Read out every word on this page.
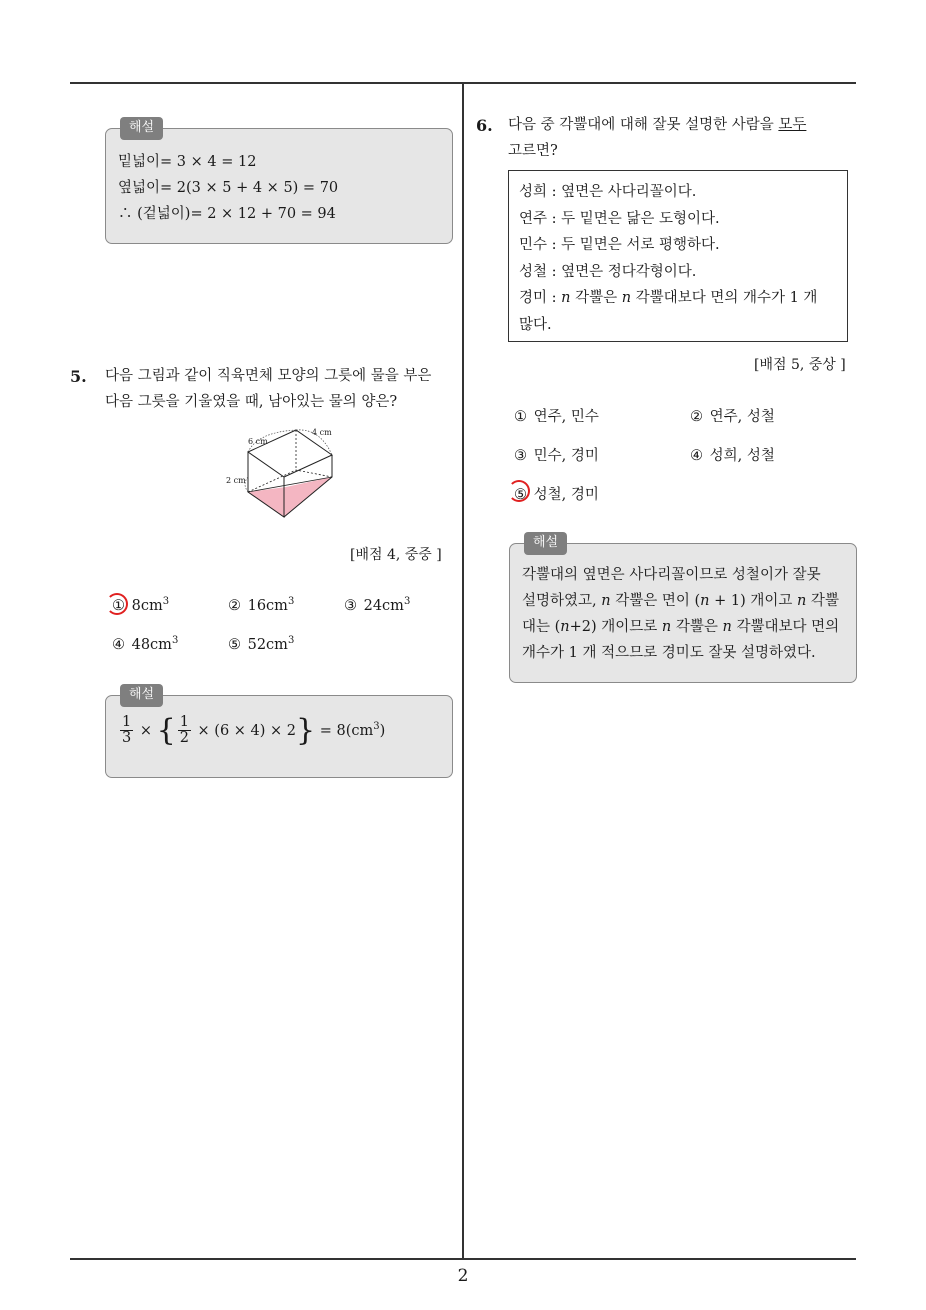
해설
밑넓이= 3 × 4 = 12
옆넓이= 2(3 × 5 + 4 × 5) = 70
∴ (겉넓이)= 2 × 12 + 70 = 94
5. 다음 그림과 같이 직육면체 모양의 그릇에 물을 부은
다음 그릇을 기울였을 때, 남아있는 물의 양은?
6 cm
4 cm
2 cm
[배점 4, 중중 ]
① $8cm^3$	② $16cm^3$	③ $24cm^3$
④ $48cm^3$	⑤ $52cm^3$
해설
$\frac{1}{3}$ × { $\frac{1}{2} \times (6 \times 4) \times 2\} = 8(cm^3)$
6. 다음 중 각뿔대에 대해 잘못 설명한 사람을 모두
고르면?
성희 : 옆면은 사다리꼴이다.
연주 : 두 밑면은 닮은 도형이다.
민수 : 두 밑면은 서로 평행하다.
성철 : 옆면은 정다각형이다.
경미 : n 각뿔은 n 각뿔대보다 면의 개수가 1 개
많다.
[배점 5, 중상 ]
① 연주, 민수	② 연주, 성철
③ 민수, 경미	④ 성희, 성철
⑤ 성철, 경미
해설
각뿔대의 옆면은 사다리꼴이므로 성철이가 잘못
설명하였고, n 각뿔은 면이 (n + 1) 개이고 n 각뿔
대는 (n+2) 개이므로 n 각뿔은 n 각뿔대보다 면의
개수가 1 개 적으므로 경미도 잘못 설명하였다.
2
